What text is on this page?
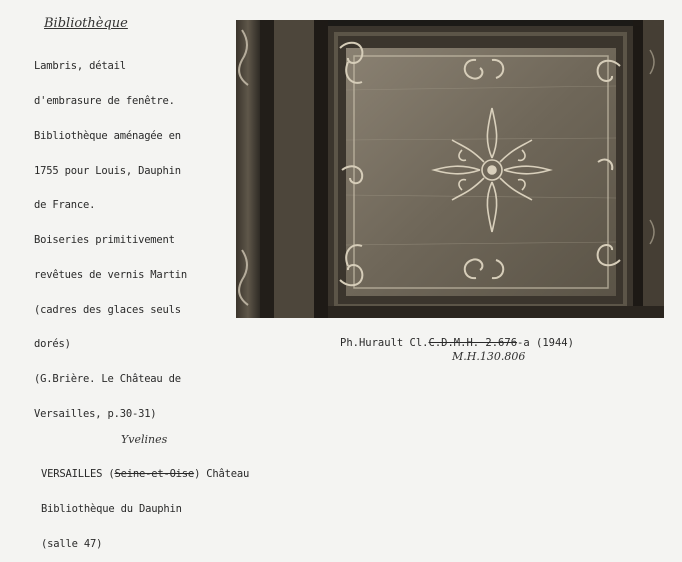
Bibliothèque

Lambris, détail

d'embrasure de fenêtre.

Bibliothèque aménagée en

1755 pour Louis, Dauphin

de France.

Boiseries primitivement

revêtues de vernis Martin

(cadres des glaces seuls

dorés)

(G.Brière. Le Château de

Versailles, p.30-31)

Ph.Hurault Cl.C.D.M.H. 2.676-a (1944)
M.H.130.806
Yvelines

VERSAILLES (Seine-et-Oise) Château

Bibliothèque du Dauphin

(salle 47)
